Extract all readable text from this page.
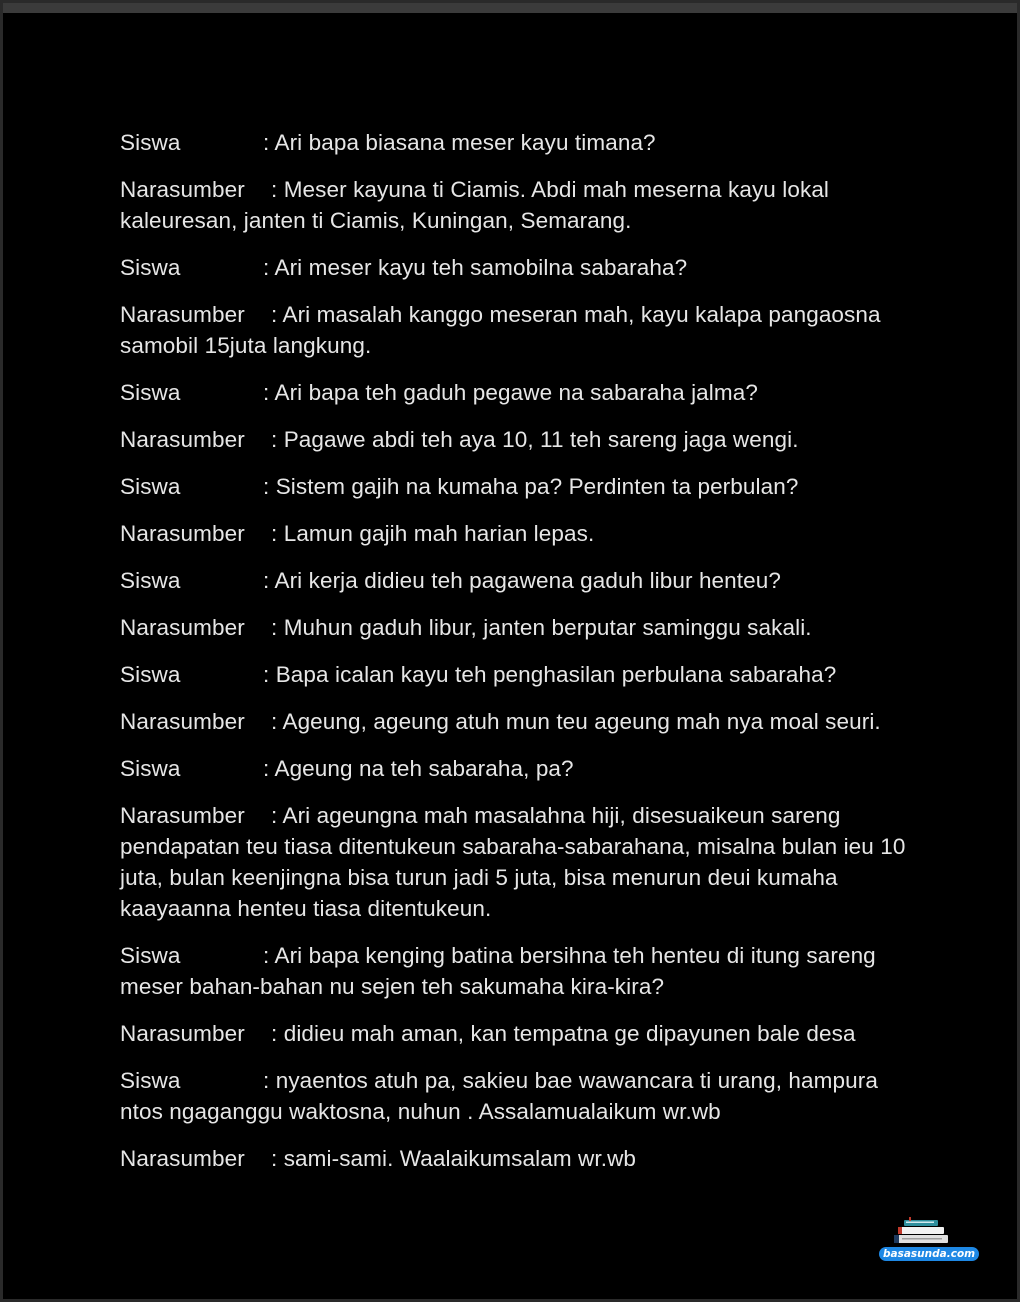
Siswa	: Ari bapa biasana meser kayu timana?

Narasumber : Meser kayuna ti Ciamis. Abdi mah meserna kayu lokal kaleuresan, janten ti Ciamis, Kuningan, Semarang.

Siswa	: Ari meser kayu teh samobilna sabaraha?

Narasumber : Ari masalah kanggo meseran mah, kayu kalapa pangaosna samobil 15juta langkung.

Siswa	: Ari bapa teh gaduh pegawe na sabaraha jalma?

Narasumber : Pagawe abdi teh aya 10, 11 teh sareng jaga wengi.

Siswa	: Sistem gajih na kumaha pa? Perdinten ta perbulan?

Narasumber : Lamun gajih mah harian lepas.

Siswa	: Ari kerja didieu teh pagawena gaduh libur henteu?

Narasumber : Muhun gaduh libur, janten berputar saminggu sakali.

Siswa	: Bapa icalan kayu teh penghasilan perbulana sabaraha?

Narasumber : Ageung, ageung atuh mun teu ageung mah nya moal seuri.

Siswa	: Ageung na teh sabaraha, pa?

Narasumber : Ari ageungna mah masalahna hiji, disesuaikeun sareng pendapatan teu tiasa ditentukeun sabaraha-sabarahana, misalna bulan ieu 10 juta, bulan keenjingna bisa turun jadi 5 juta, bisa menurun deui kumaha kaayaanna henteu tiasa ditentukeun.

Siswa	: Ari bapa kenging batina bersihna teh henteu di itung sareng meser bahan-bahan nu sejen teh sakumaha kira-kira?

Narasumber : didieu mah aman, kan tempatna ge dipayunen bale desa

Siswa	: nyaentos atuh pa, sakieu bae wawancara ti urang, hampura ntos ngaganggu waktosna, nuhun . Assalamualaikum wr.wb

Narasumber : sami-sami. Waalaikumsalam wr.wb

basasunda.com
